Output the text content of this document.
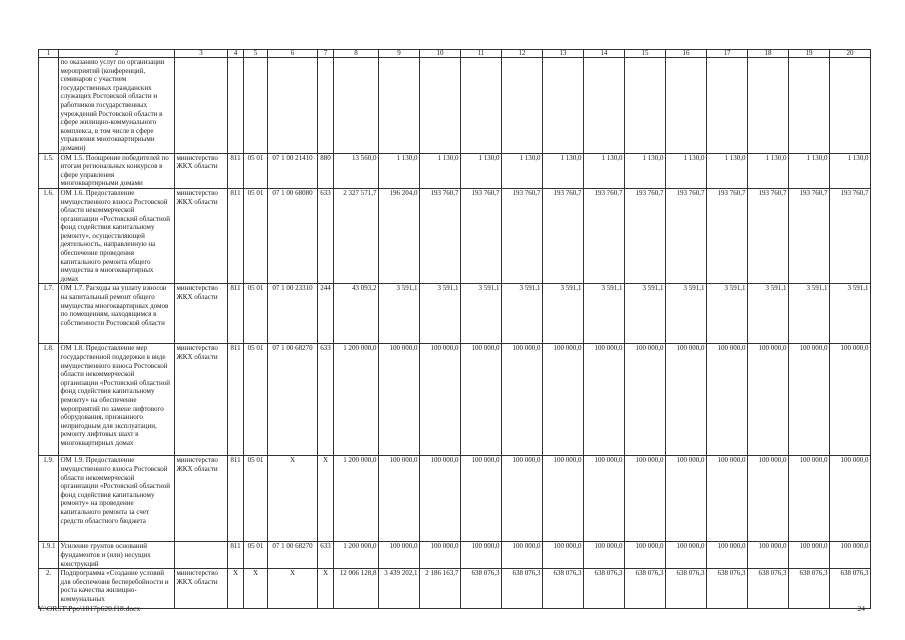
1	2	3	4	5	6	7	8	9	10	11	12	13	14	15	16	17	18	19	20
	по оказанию услуг по организации мероприятий (конференций, семинаров с участием государственных гражданских служащих Ростовской области и работников государственных учреждений Ростовской области в сфере жилищно-коммунального комплекса, в том числе в сфере управления многоквартирными домами)																		
1.5.	ОМ 1.5. Поощрение победителей по итогам региональных конкурсов в сфере управления многоквартирными домами	министерство ЖКХ области	811	05 01	07 1 00 21410	880	13 560,0	1 130,0	1 130,0	1 130,0	1 130,0	1 130,0	1 130,0	1 130,0	1 130,0	1 130,0	1 130,0	1 130,0	1 130,0
1.6.	ОМ 1.6. Предоставление имущественного взноса Ростовской области некоммерческой организации «Ростовский областной фонд содействия капитальному ремонту», осуществляющей деятельность, направленную на обеспечение проведения капитального ремонта общего имущества в многоквартирных домах	министерство ЖКХ области	811	05 01	07 1 00 68080	633	2 327 571,7	196 204,0	193 760,7	193 760,7	193 760,7	193 760,7	193 760,7	193 760,7	193 760,7	193 760,7	193 760,7	193 760,7	193 760,7
1.7.	ОМ 1.7. Расходы на уплату взносов на капитальный ремонт общего имущества многоквартирных домов по помещениям, находящимся в собственности Ростовской области	министерство ЖКХ области	811	05 01	07 1 00 23310	244	43 093,2	3 591,1	3 591,1	3 591,1	3 591,1	3 591,1	3 591,1	3 591,1	3 591,1	3 591,1	3 591,1	3 591,1	3 591,1
1.8.	ОМ 1.8. Предоставление мер государственной поддержки в виде имущественного взноса Ростовской области некоммерческой организации «Ростовский областной фонд содействия капитальному ремонту» на обеспечение мероприятий по замене лифтового оборудования, признанного непригодным для эксплуатации, ремонту лифтовых шахт в многоквартирных домах	министерство ЖКХ области	811	05 01	07 1 00 68270	633	1 200 000,0	100 000,0	100 000,0	100 000,0	100 000,0	100 000,0	100 000,0	100 000,0	100 000,0	100 000,0	100 000,0	100 000,0	100 000,0
1.9.	ОМ 1.9. Предоставление имущественного взноса Ростовской области некоммерческой организации «Ростовский областной фонд содействия капитальному ремонту» на проведение капитального ремонта за счет средств областного бюджета	министерство ЖКХ области	811	05 01	Х	Х	1 200 000,0	100 000,0	100 000,0	100 000,0	100 000,0	100 000,0	100 000,0	100 000,0	100 000,0	100 000,0	100 000,0	100 000,0	100 000,0
1.9.1	Усиление грунтов оснований фундаментов и (или) несущих конструкций		811	05 01	07 1 00 68270	633	1 200 000,0	100 000,0	100 000,0	100 000,0	100 000,0	100 000,0	100 000,0	100 000,0	100 000,0	100 000,0	100 000,0	100 000,0	100 000,0
2.	Подпрограмма «Создание условий для обеспечения бесперебойности и роста качества жилищно-коммунальных	министерство ЖКХ области	Х	Х	Х	Х	12 006 128,8	3 439 202,1	2 186 163,7	638 076,3	638 076,3	638 076,3	638 076,3	638 076,3	638 076,3	638 076,3	638 076,3	638 076,3	638 076,3
Y:\ORST\Ppo\1017p620.f18.docx	24
